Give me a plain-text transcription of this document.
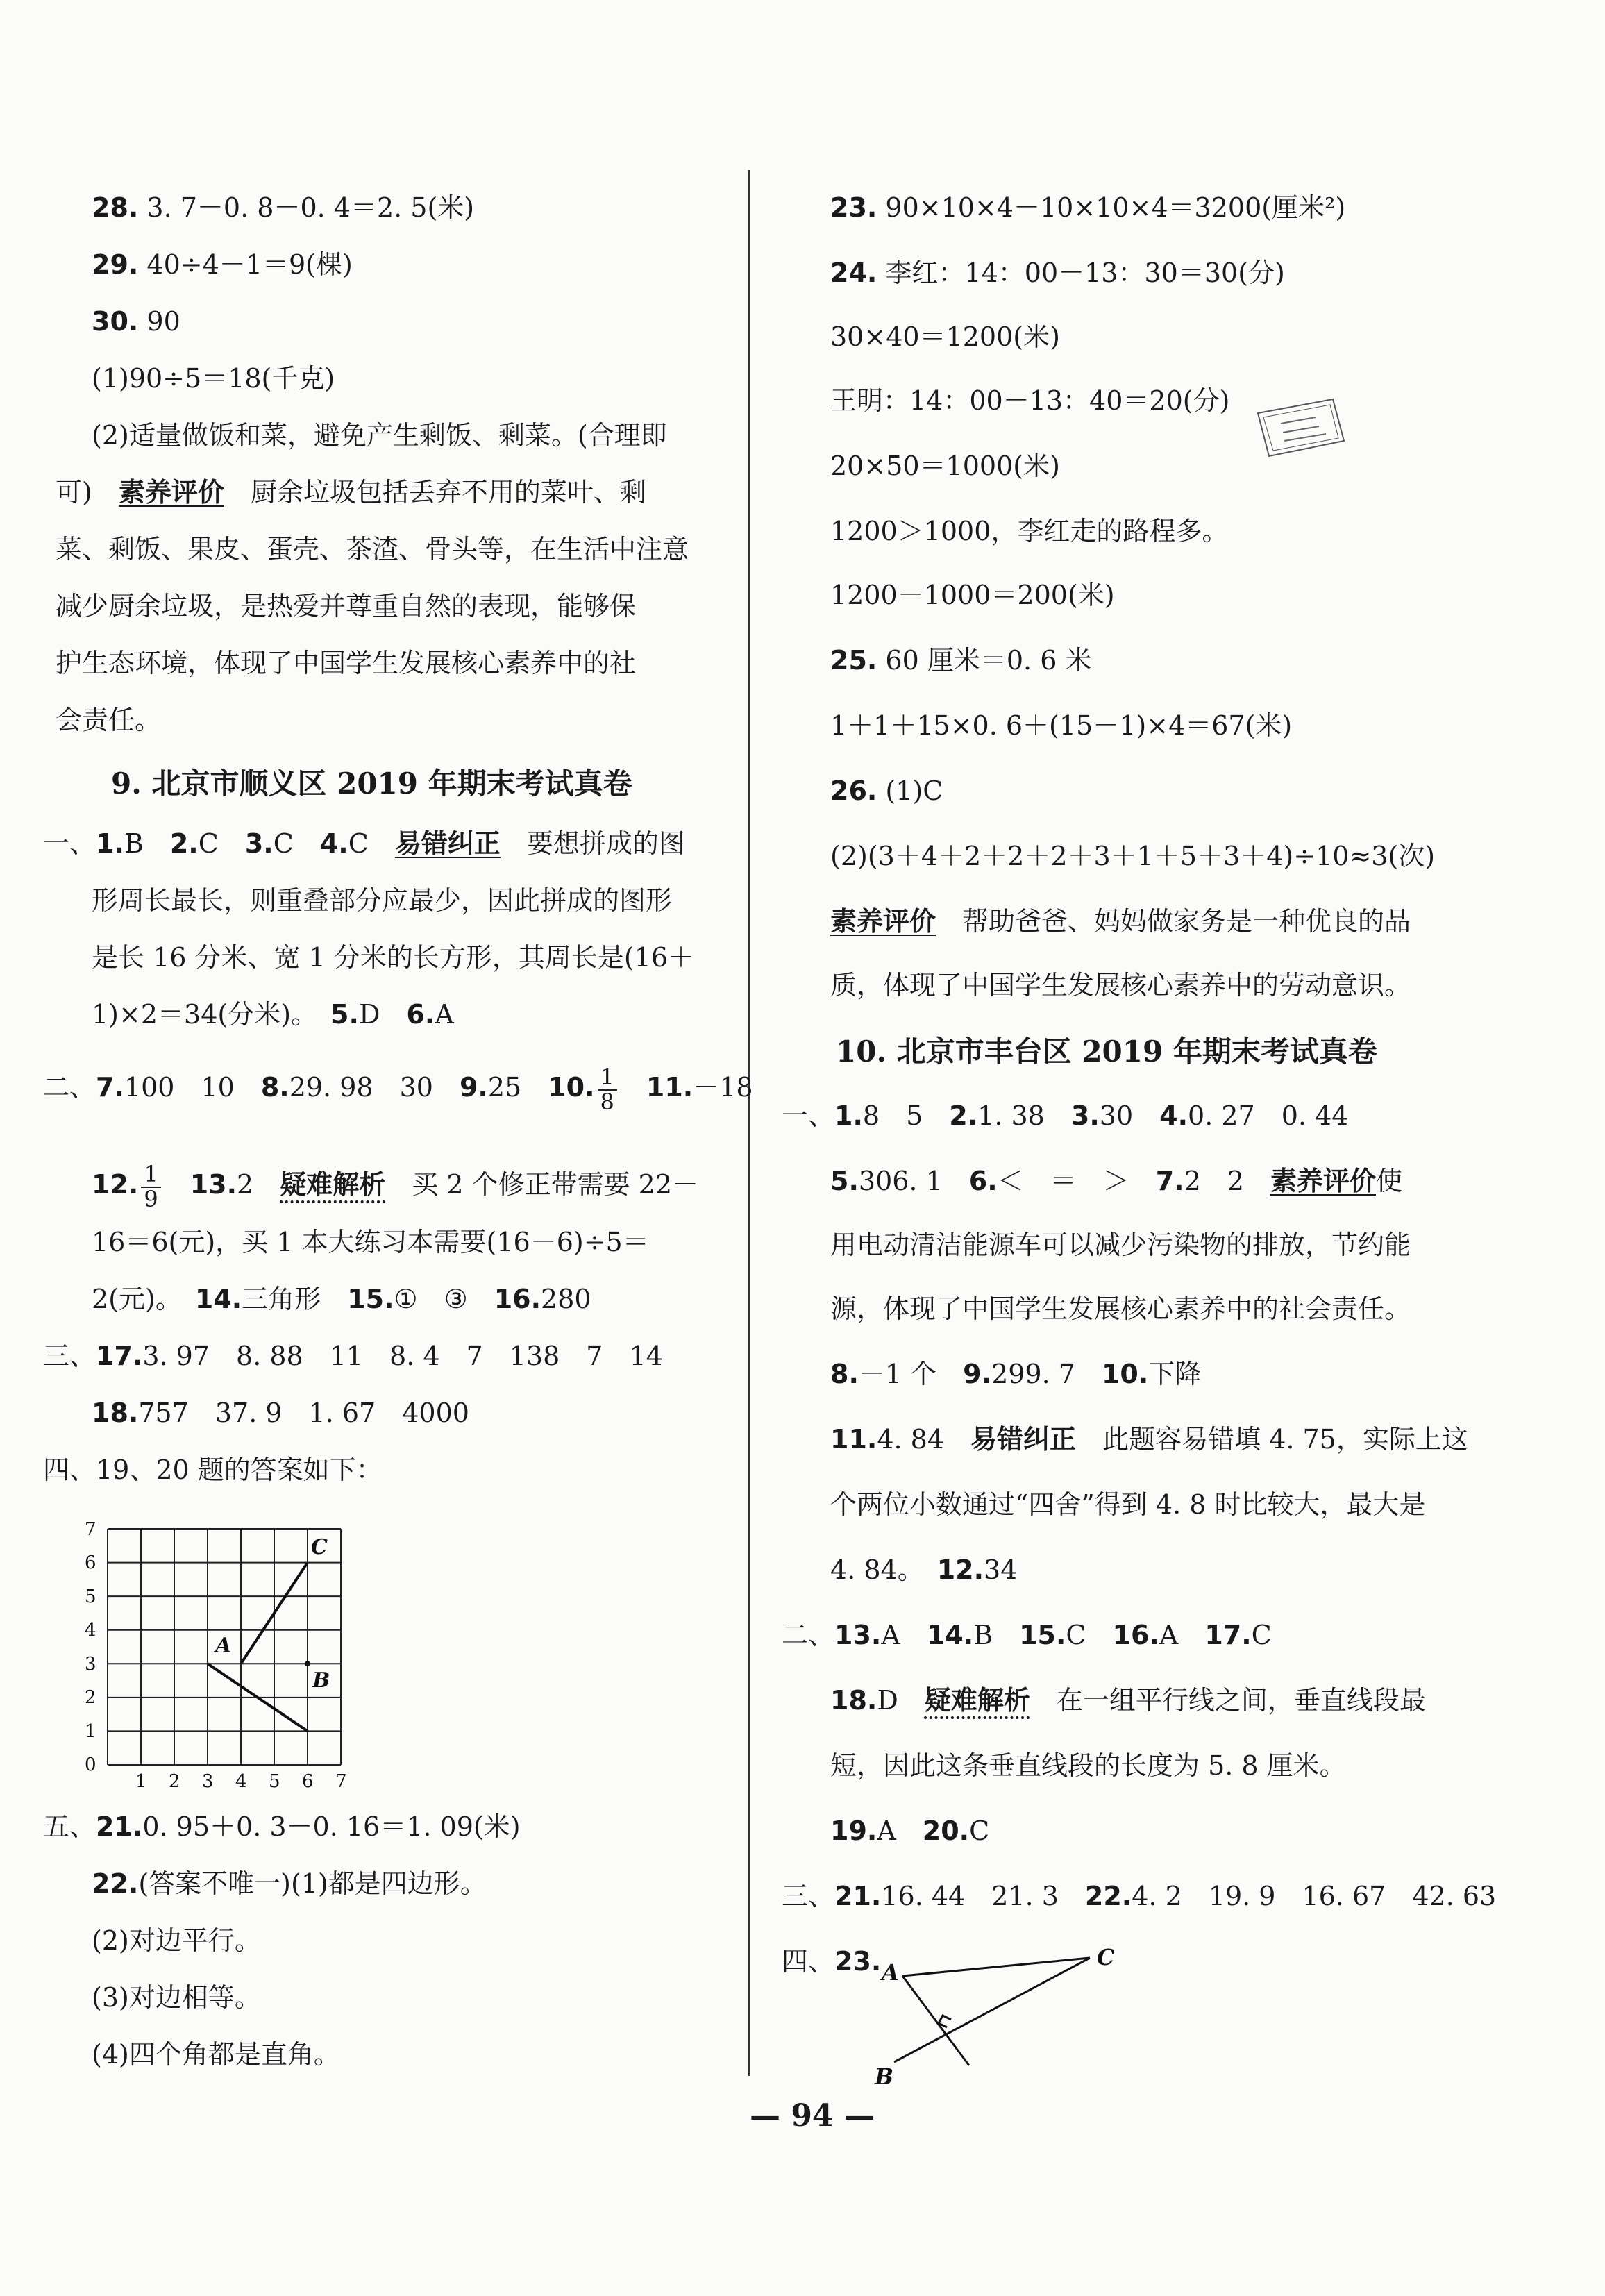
28. 3. 7－0. 8－0. 4＝2. 5(米)
29. 40÷4－1＝9(棵)
30. 90
(1)90÷5＝18(千克)
(2)适量做饭和菜，避免产生剩饭、剩菜。(合理即
可)　 素养评价　 厨余垃圾包括丢弃不用的菜叶、剩
菜、剩饭、果皮、蛋壳、茶渣、骨头等，在生活中注意
减少厨余垃圾，是热爱并尊重自然的表现，能够保
护生态环境，体现了中国学生发展核心素养中的社
会责任。
9. 北京市顺义区 2019 年期末考试真卷
一、1.B　 2.C　 3.C　 4.C　 易错纠正　 要想拼成的图
形周长最长，则重叠部分应最少，因此拼成的图形
是长 16 分米、宽 1 分米的长方形，其周长是(16＋
1)×2＝34(分米)。　 5.D　 6.A
二、7.100　10　 8.29. 98　30　 9.25　 10. $\frac{1}{8}$
　 11.－18
12. $\frac{1}{9}$
　 13.2　 疑难解析　 买 2 个修正带需要 22－
16＝6(元)，买 1 本大练习本需要(16－6)÷5＝
2(元)。　 14.三角形　 15.①　③　 16.280
三、17.3. 97　8. 88　11　8. 4　7　138　7　14
18.757　37. 9　1. 67　4000
四、19、20 题的答案如下：
7
6
5
4
3
2
1
0
1 2 3 4 5 6 7
A
B
C
五、21.0. 95＋0. 3－0. 16＝1. 09(米)
22.(答案不唯一)(1)都是四边形。
(2)对边平行。
(3)对边相等。
(4)四个角都是直角。
23. 90×10×4－10×10×4＝3200(厘米²)
24. 李红：14：00－13：30＝30(分)
30×40＝1200(米)
王明：14：00－13：40＝20(分)
20×50＝1000(米)
1200＞1000，李红走的路程多。
1200－1000＝200(米)
25. 60 厘米＝0. 6 米
1＋1＋15×0. 6＋(15－1)×4＝67(米)
26. (1)C
(2)(3＋4＋2＋2＋2＋3＋1＋5＋3＋4)÷10≈3(次)
素养评价　 帮助爸爸、妈妈做家务是一种优良的品
质，体现了中国学生发展核心素养中的劳动意识。
10. 北京市丰台区 2019 年期末考试真卷
一、1.8　5　 2.1. 38　 3.30　 4.0. 27　0. 44
5.306. 1　 6.＜　＝　＞　 7.2　2　 素养评价使
用电动清洁能源车可以减少污染物的排放，节约能
源，体现了中国学生发展核心素养中的社会责任。
8.－1 个　 9.299. 7　 10.下降
11.4. 84　 易错纠正　 此题容易错填 4. 75，实际上这
个两位小数通过“四舍”得到 4. 8 时比较大，最大是
4. 84。　 12.34
二、13.A　 14.B　 15.C　 16.A　 17.C
18.D　 疑难解析　 在一组平行线之间，垂直线段最
短，因此这条垂直线段的长度为 5. 8 厘米。
19.A　 20.C
三、21.16. 44　21. 3　 22.4. 2　19. 9　16. 67　42. 63
四、23. A
B
C
— 94 —
